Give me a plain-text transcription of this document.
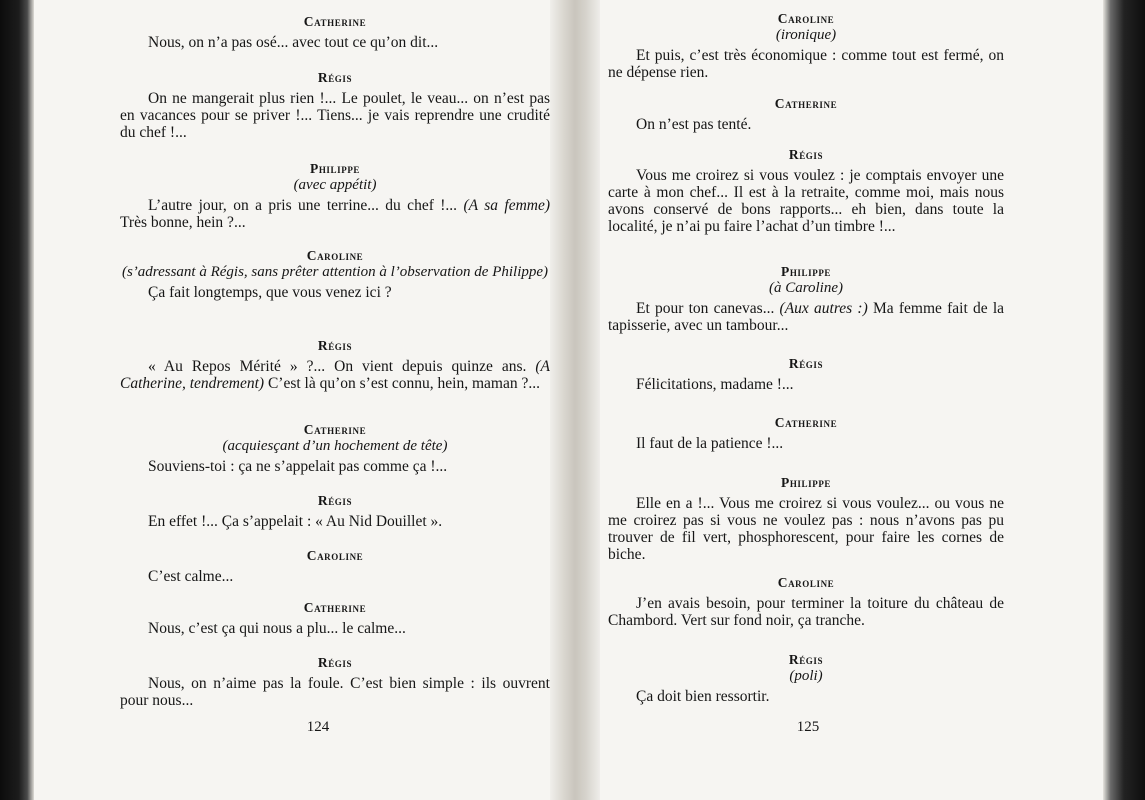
Catherine

Nous, on n’a pas osé... avec tout ce qu’on dit...

Régis

On ne mangerait plus rien !... Le poulet, le veau... on n’est pas en vacances pour se priver !... Tiens... je vais reprendre une crudité du chef !...

Philippe
(avec appétit)

L’autre jour, on a pris une terrine... du chef !... (A sa femme) Très bonne, hein ?...

Caroline
(s’adressant à Régis, sans prêter attention à l’observation de Philippe)

Ça fait longtemps, que vous venez ici ?

Régis

« Au Repos Mérité » ?... On vient depuis quinze ans. (A Catherine, tendrement) C’est là qu’on s’est connu, hein, maman ?...

Catherine
(acquiesçant d’un hochement de tête)

Souviens-toi : ça ne s’appelait pas comme ça !...

Régis

En effet !... Ça s’appelait : « Au Nid Douillet ».

Caroline

C’est calme...

Catherine

Nous, c’est ça qui nous a plu... le calme...

Régis

Nous, on n’aime pas la foule. C’est bien simple : ils ouvrent pour nous...

124
Caroline
(ironique)

Et puis, c’est très économique : comme tout est fermé, on ne dépense rien.

Catherine

On n’est pas tenté.

Régis

Vous me croirez si vous voulez : je comptais envoyer une carte à mon chef... Il est à la retraite, comme moi, mais nous avons conservé de bons rapports... eh bien, dans toute la localité, je n’ai pu faire l’achat d’un timbre !...

Philippe
(à Caroline)

Et pour ton canevas... (Aux autres :) Ma femme fait de la tapisserie, avec un tambour...

Régis

Félicitations, madame !...

Catherine

Il faut de la patience !...

Philippe

Elle en a !... Vous me croirez si vous voulez... ou vous ne me croirez pas si vous ne voulez pas : nous n’avons pas pu trouver de fil vert, phosphorescent, pour faire les cornes de biche.

Caroline

J’en avais besoin, pour terminer la toiture du château de Chambord. Vert sur fond noir, ça tranche.

Régis
(poli)

Ça doit bien ressortir.

125
